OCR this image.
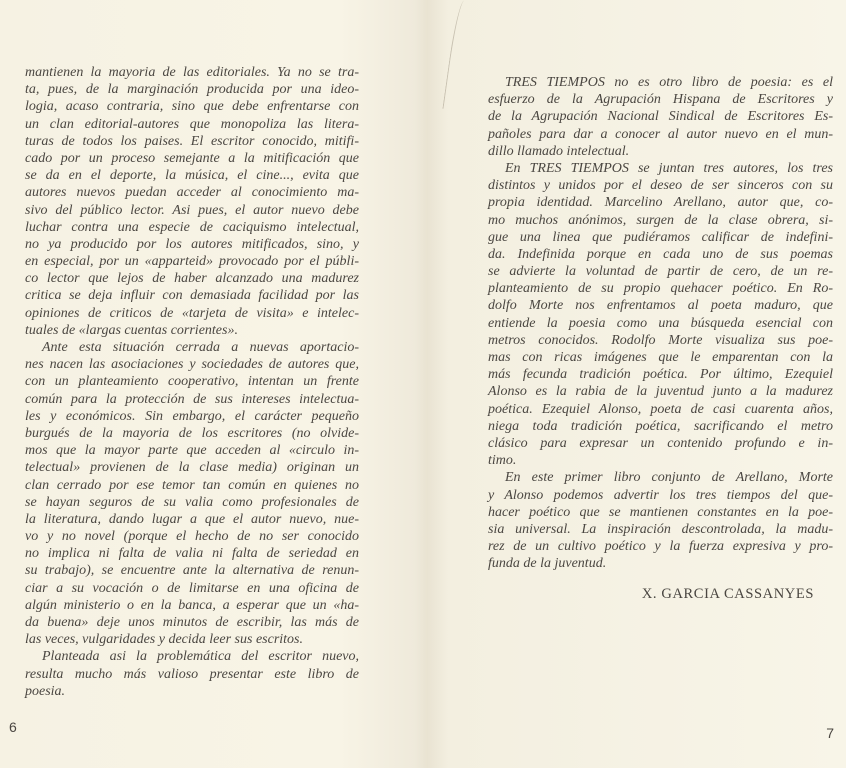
mantienen la mayoria de las editoriales. Ya no se tra-
ta, pues, de la marginación producida por una ideo-
logia, acaso contraria, sino que debe enfrentarse con
un clan editorial-autores que monopoliza las litera-
turas de todos los paises. El escritor conocido, mitifi-
cado por un proceso semejante a la mitificación que
se da en el deporte, la música, el cine..., evita que
autores nuevos puedan acceder al conocimiento ma-
sivo del público lector. Asi pues, el autor nuevo debe
luchar contra una especie de caciquismo intelectual,
no ya producido por los autores mitificados, sino, y
en especial, por un «apparteid» provocado por el públi-
co lector que lejos de haber alcanzado una madurez
critica se deja influir con demasiada facilidad por las
opiniones de criticos de «tarjeta de visita» e intelec-
tuales de «largas cuentas corrientes».
Ante esta situación cerrada a nuevas aportacio-
nes nacen las asociaciones y sociedades de autores que,
con un planteamiento cooperativo, intentan un frente
común para la protección de sus intereses intelectua-
les y económicos. Sin embargo, el carácter pequeño
burgués de la mayoria de los escritores (no olvide-
mos que la mayor parte que acceden al «circulo in-
telectual» provienen de la clase media) originan un
clan cerrado por ese temor tan común en quienes no
se hayan seguros de su valia como profesionales de
la literatura, dando lugar a que el autor nuevo, nue-
vo y no novel (porque el hecho de no ser conocido
no implica ni falta de valia ni falta de seriedad en
su trabajo), se encuentre ante la alternativa de renun-
ciar a su vocación o de limitarse en una oficina de
algún ministerio o en la banca, a esperar que un «ha-
da buena» deje unos minutos de escribir, las más de
las veces, vulgaridades y decida leer sus escritos.
Planteada asi la problemática del escritor nuevo,
resulta mucho más valioso presentar este libro de
poesia.
6
TRES TIEMPOS no es otro libro de poesia: es el
esfuerzo de la Agrupación Hispana de Escritores y
de la Agrupación Nacional Sindical de Escritores Es-
pañoles para dar a conocer al autor nuevo en el mun-
dillo llamado intelectual.
En TRES TIEMPOS se juntan tres autores, los tres
distintos y unidos por el deseo de ser sinceros con su
propia identidad. Marcelino Arellano, autor que, co-
mo muchos anónimos, surgen de la clase obrera, si-
gue una linea que pudiéramos calificar de indefini-
da. Indefinida porque en cada uno de sus poemas
se advierte la voluntad de partir de cero, de un re-
planteamiento de su propio quehacer poético. En Ro-
dolfo Morte nos enfrentamos al poeta maduro, que
entiende la poesia como una búsqueda esencial con
metros conocidos. Rodolfo Morte visualiza sus poe-
mas con ricas imágenes que le emparentan con la
más fecunda tradición poética. Por último, Ezequiel
Alonso es la rabia de la juventud junto a la madurez
poética. Ezequiel Alonso, poeta de casi cuarenta años,
niega toda tradición poética, sacrificando el metro
clásico para expresar un contenido profundo e in-
timo.
En este primer libro conjunto de Arellano, Morte
y Alonso podemos advertir los tres tiempos del que-
hacer poético que se mantienen constantes en la poe-
sia universal. La inspiración descontrolada, la madu-
rez de un cultivo poético y la fuerza expresiva y pro-
funda de la juventud.
X. GARCIA CASSANYES
7
